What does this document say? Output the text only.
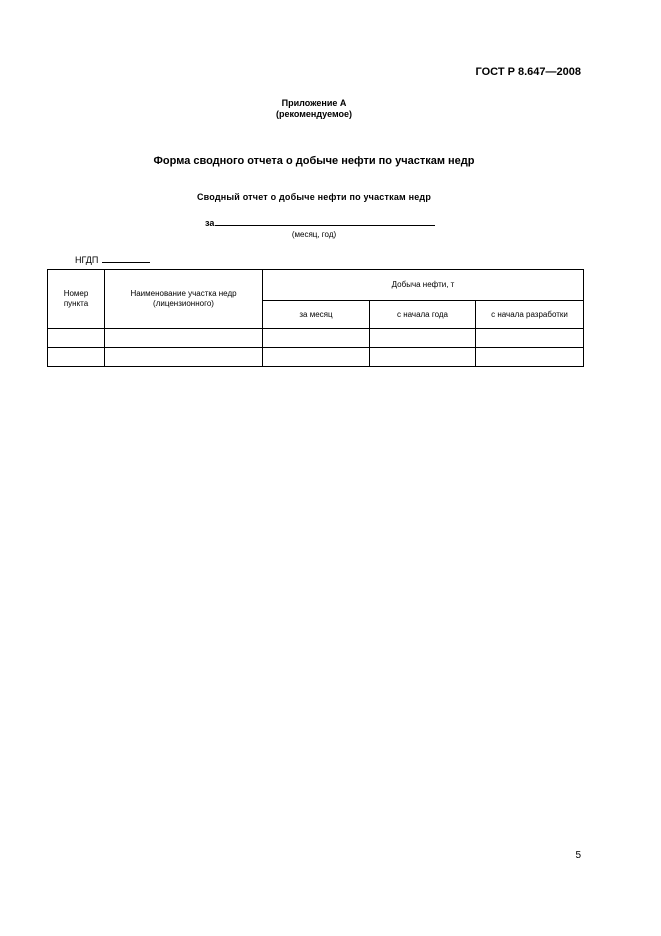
ГОСТ Р 8.647—2008
Приложение А
(рекомендуемое)
Форма сводного отчета о добыче нефти по участкам недр
Сводный отчет о добыче нефти по участкам недр
за
(месяц, год)
НГДП
Номер пункта	Наименование участка недр (лицензионного)	Добыча нефти, т		
		за месяц	с начала года	с начала разработки

5
